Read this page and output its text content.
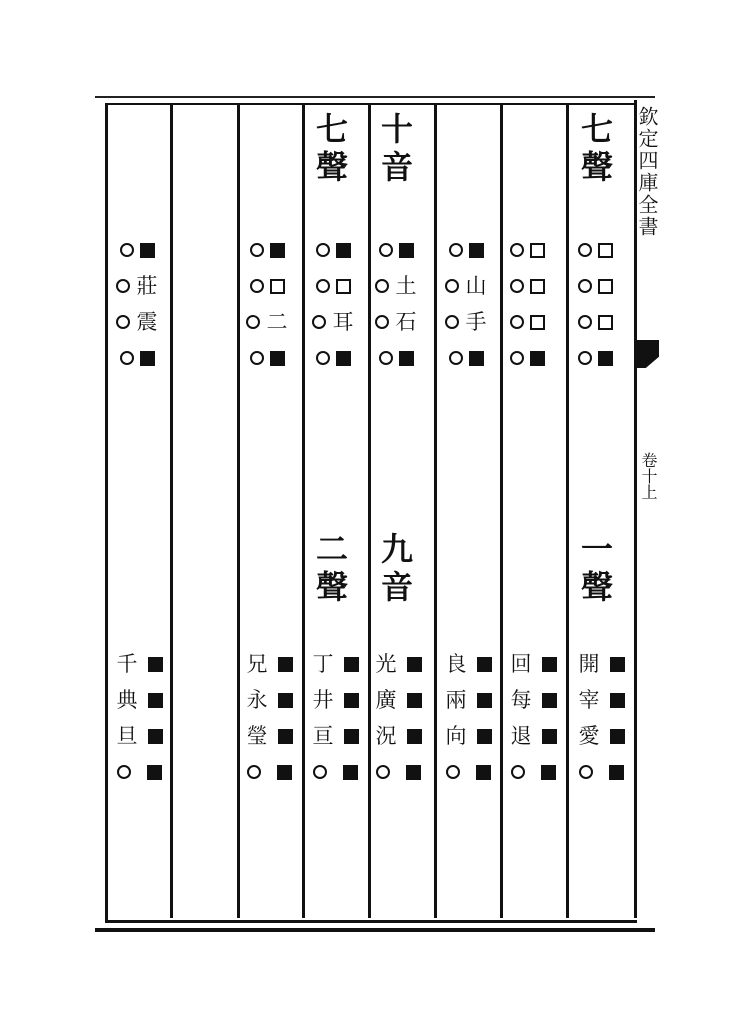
欽定四庫全書
卷十上
七聲
十音
七聲
一聲
九音
二聲
山
手
土
石
耳
二
莊
震
開
宰
愛
回
每
退
良
兩
向
光
廣
況
丁
井
亘
兄
永
瑩
千
典
旦
